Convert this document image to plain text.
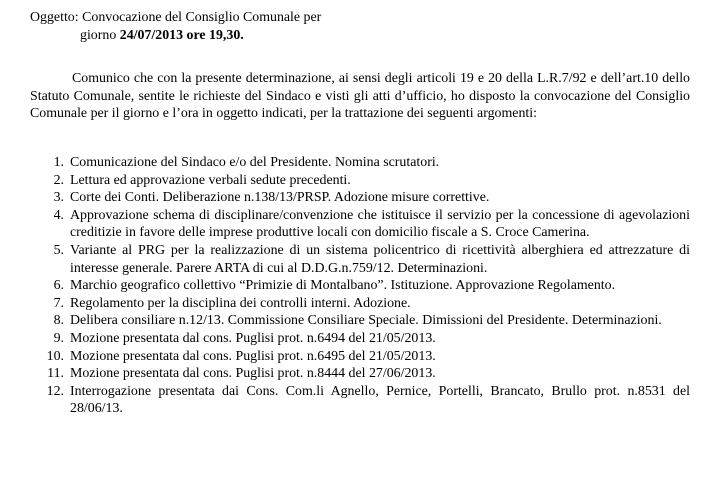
Oggetto: Convocazione del Consiglio Comunale per
giorno 24/07/2013 ore 19,30.
Comunico che con la presente determinazione, ai sensi degli articoli 19 e 20 della L.R.7/92 e dell’art.10 dello Statuto Comunale, sentite le richieste del Sindaco e visti gli atti d’ufficio, ho disposto la convocazione del Consiglio Comunale per il giorno e l’ora in oggetto indicati, per la trattazione dei seguenti argomenti:
1. Comunicazione del Sindaco e/o del Presidente. Nomina scrutatori.
2. Lettura ed approvazione verbali sedute precedenti.
3. Corte dei Conti. Deliberazione n.138/13/PRSP. Adozione misure correttive.
4. Approvazione schema di disciplinare/convenzione che istituisce il servizio per la concessione di agevolazioni creditizie in favore delle imprese produttive locali con domicilio fiscale a S. Croce Camerina.
5. Variante al PRG per la realizzazione di un sistema policentrico di ricettività alberghiera ed attrezzature di interesse generale. Parere ARTA di cui al D.D.G.n.759/12. Determinazioni.
6. Marchio geografico collettivo “Primizie di Montalbano”. Istituzione. Approvazione Regolamento.
7. Regolamento per la disciplina dei controlli interni. Adozione.
8. Delibera consiliare n.12/13. Commissione Consiliare Speciale. Dimissioni del Presidente. Determinazioni.
9. Mozione presentata dal cons. Puglisi prot. n.6494 del 21/05/2013.
10. Mozione presentata dal cons. Puglisi prot. n.6495 del 21/05/2013.
11. Mozione presentata dal cons. Puglisi prot. n.8444 del 27/06/2013.
12. Interrogazione presentata dai Cons. Com.li Agnello, Pernice, Portelli, Brancato, Brullo prot. n.8531 del 28/06/13.
